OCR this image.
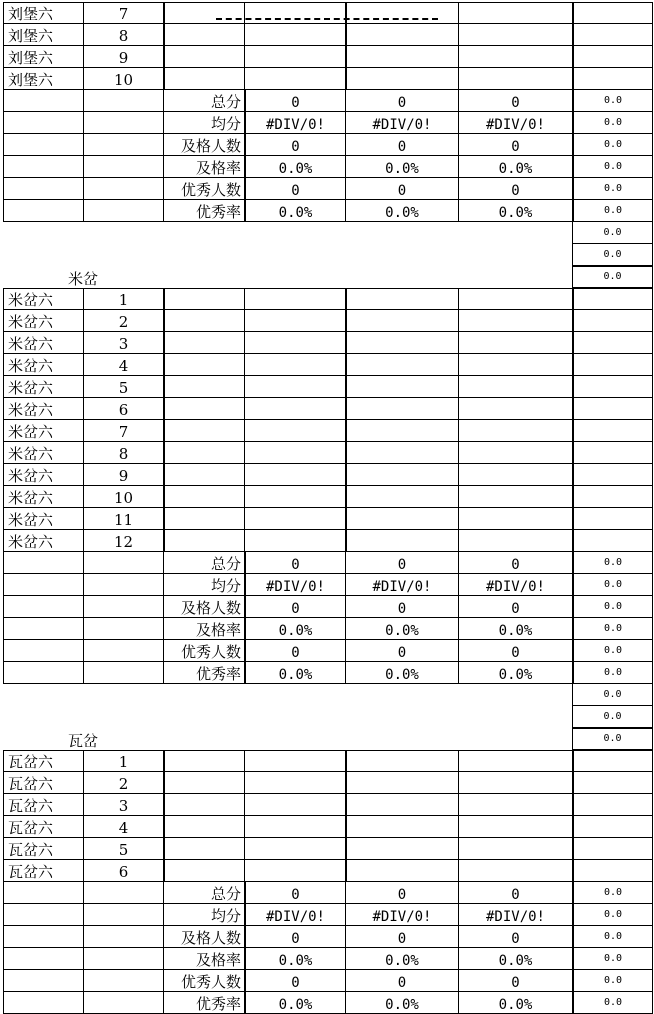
刘堡六	7
刘堡六	8
刘堡六	9
刘堡六	10
总分	0	0	0	0.0
均分	#DIV/0!	#DIV/0!	#DIV/0!	0.0
及格人数	0	0	0	0.0
及格率	0.0%	0.0%	0.0%	0.0
优秀人数	0	0	0	0.0
优秀率	0.0%	0.0%	0.0%	0.0
0.0
0.0
0.0
米岔
米岔六	1
米岔六	2
米岔六	3
米岔六	4
米岔六	5
米岔六	6
米岔六	7
米岔六	8
米岔六	9
米岔六	10
米岔六	11
米岔六	12
总分	0	0	0	0.0
均分	#DIV/0!	#DIV/0!	#DIV/0!	0.0
及格人数	0	0	0	0.0
及格率	0.0%	0.0%	0.0%	0.0
优秀人数	0	0	0	0.0
优秀率	0.0%	0.0%	0.0%	0.0
0.0
0.0
0.0
瓦岔
瓦岔六	1
瓦岔六	2
瓦岔六	3
瓦岔六	4
瓦岔六	5
瓦岔六	6
总分	0	0	0	0.0
均分	#DIV/0!	#DIV/0!	#DIV/0!	0.0
及格人数	0	0	0	0.0
及格率	0.0%	0.0%	0.0%	0.0
优秀人数	0	0	0	0.0
优秀率	0.0%	0.0%	0.0%	0.0
